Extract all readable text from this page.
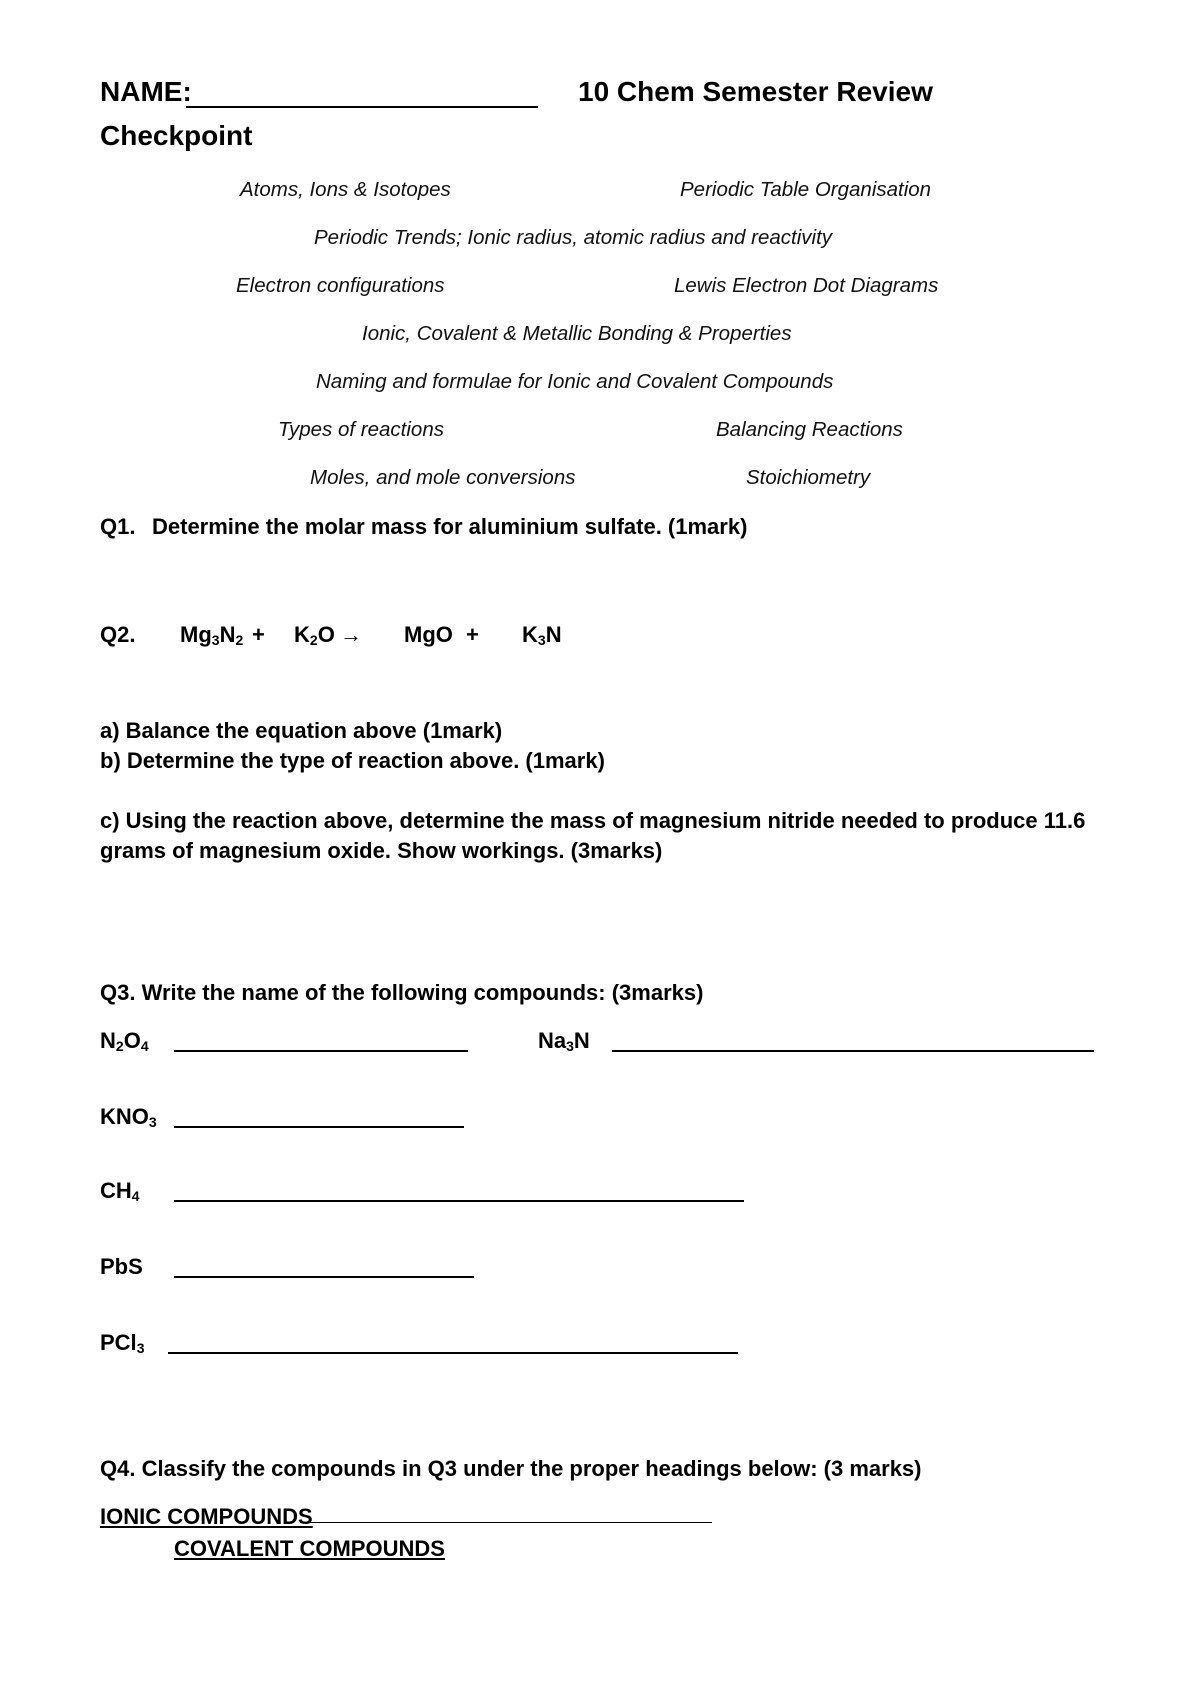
NAME:	10 Chem Semester Review
Checkpoint
Atoms, Ions & Isotopes	Periodic Table Organisation
Periodic Trends; Ionic radius, atomic radius and reactivity
Electron configurations	Lewis Electron Dot Diagrams
Ionic, Covalent & Metallic Bonding & Properties
Naming and formulae for Ionic and Covalent Compounds
Types of reactions	Balancing Reactions
Moles, and mole conversions	Stoichiometry
Q1. Determine the molar mass for aluminium sulfate. (1mark)
Q2. $Mg_3N_2 + K_2O$ → MgO + $K_3N$
a) Balance the equation above (1mark)
b) Determine the type of reaction above. (1mark)
c) Using the reaction above, determine the mass of magnesium nitride needed to produce 11.6
grams of magnesium oxide. Show workings. (3marks)
Q3. Write the name of the following compounds: (3marks)
$N_2O_4$	$Na_3N$
$KNO_3$
$CH_4$
PbS
PCl$_3$
Q4. Classify the compounds in Q3 under the proper headings below: (3 marks)
IONIC COMPOUNDS
COVALENT COMPOUNDS
